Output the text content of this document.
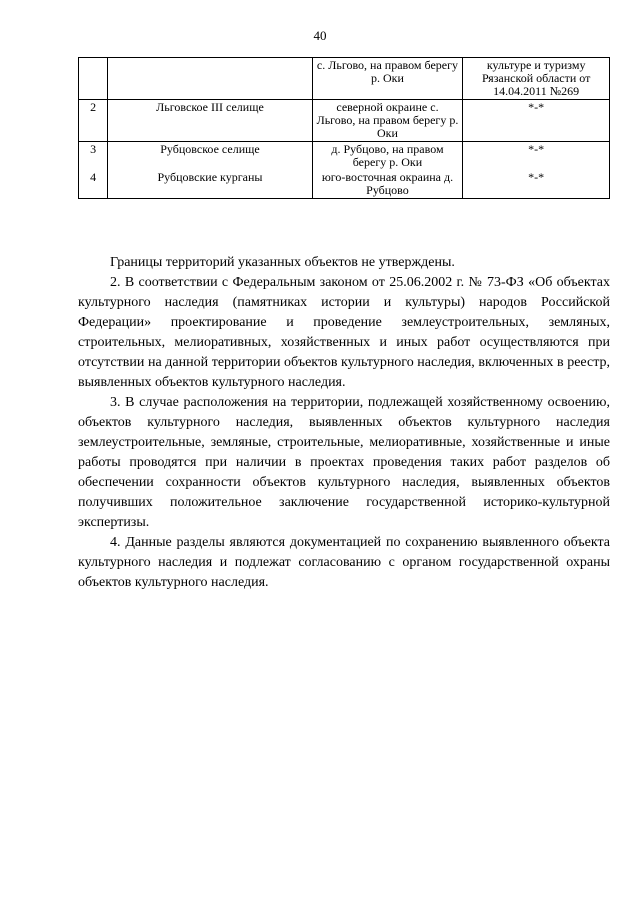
40
		с. Льгово, на правом берегу р. Оки	культуре и туризму Рязанской области от 14.04.2011 №269
2	Льговское III селище	северной окраине с. Льгово, на правом берегу р. Оки	*-*
3	Рубцовское селище	д. Рубцово, на правом берегу р. Оки	*-*
4	Рубцовские курганы	юго-восточная окраина д. Рубцово	*-*

Границы территорий указанных объектов не утверждены.

2. В соответствии с Федеральным законом от 25.06.2002 г. № 73-ФЗ «Об объектах культурного наследия (памятниках истории и культуры) народов Российской Федерации» проектирование и проведение землеустроительных, земляных, строительных, мелиоративных, хозяйственных и иных работ осуществляются при отсутствии на данной территории объектов культурного наследия, включенных в реестр, выявленных объектов культурного наследия.

3. В случае расположения на территории, подлежащей хозяйственному освоению, объектов культурного наследия, выявленных объектов культурного наследия землеустроительные, земляные, строительные, мелиоративные, хозяйственные и иные работы проводятся при наличии в проектах проведения таких работ разделов об обеспечении сохранности объектов культурного наследия, выявленных объектов получивших положительное заключение государственной историко-культурной экспертизы.

4. Данные разделы являются документацией по сохранению выявленного объекта культурного наследия и подлежат согласованию с органом государственной охраны объектов культурного наследия.
